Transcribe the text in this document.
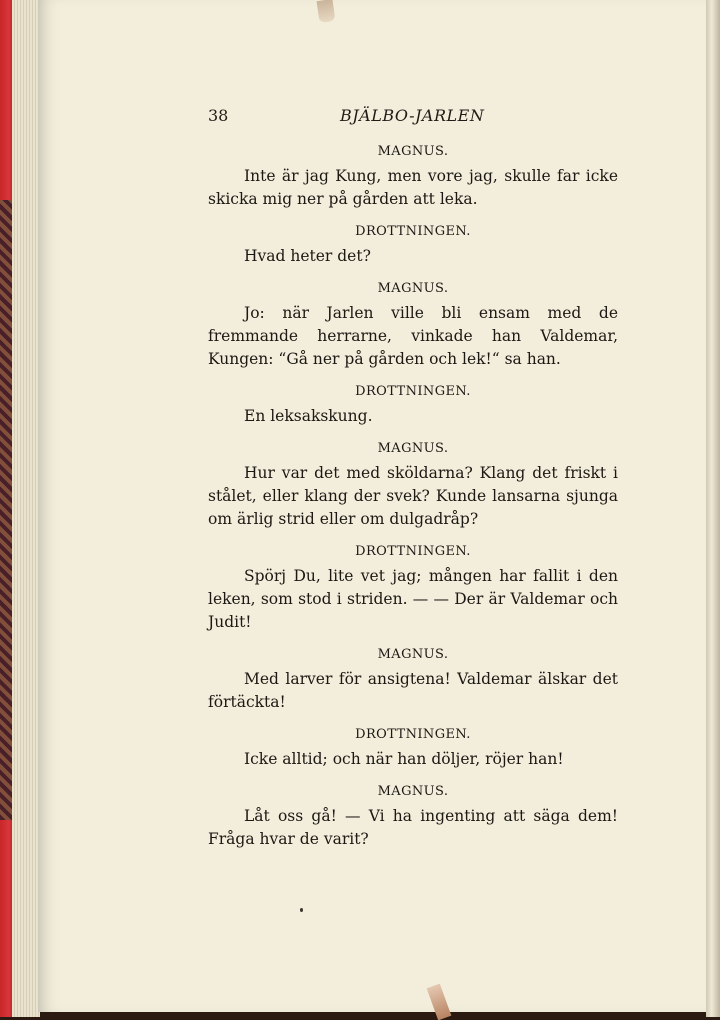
38	BJÄLBO-JARLEN
MAGNUS.

Inte är jag Kung, men vore jag, skulle far icke skicka mig ner på gården att leka.

DROTTNINGEN.

Hvad heter det?

MAGNUS.

Jo: när Jarlen ville bli ensam med de fremmande herrarne, vinkade han Valdemar, Kungen: “Gå ner på gården och lek!“ sa han.

DROTTNINGEN.

En leksakskung.

MAGNUS.

Hur var det med sköldarna? Klang det friskt i stålet, eller klang der svek? Kunde lansarna sjunga om ärlig strid eller om dulgadråp?

DROTTNINGEN.

Spörj Du, lite vet jag; mången har fallit i den leken, som stod i striden. — — Der är Valdemar och Judit!

MAGNUS.

Med larver för ansigtena! Valdemar älskar det förtäckta!

DROTTNINGEN.

Icke alltid; och när han döljer, röjer han!

MAGNUS.

Låt oss gå! — Vi ha ingenting att säga dem! Fråga hvar de varit?
